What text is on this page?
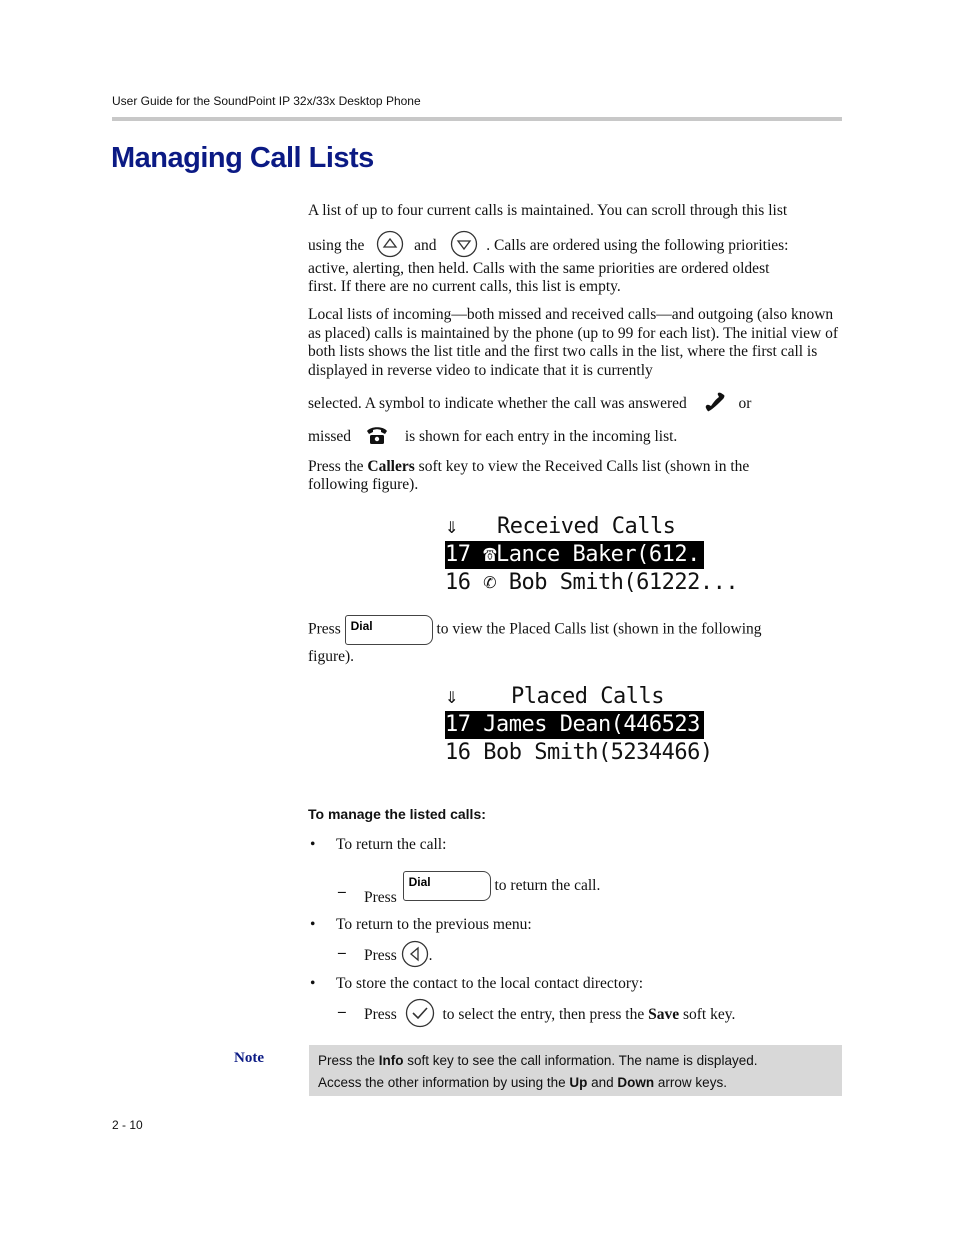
User Guide for the SoundPoint IP 32x/33x Desktop Phone
Managing Call Lists
A list of up to four current calls is maintained. You can scroll through this list
using the	and	. Calls are ordered using the following priorities:
active, alerting, then held. Calls with the same priorities are ordered oldest
first. If there are no current calls, this list is empty.
Local lists of incoming—both missed and received calls—and outgoing (also known as placed) calls is maintained by the phone (up to 99 for each list). The initial view of both lists shows the list title and the first two calls in the list, where the first call is displayed in reverse video to indicate that it is currently
selected. A symbol to indicate whether the call was answered	or
missed	is shown for each entry in the incoming list.
Press the Callers soft key to view the Received Calls list (shown in the
following figure).
⇓ Received Calls
17 ☎Lance Baker(612...
16 ✆ Bob Smith(61222...
Press Dial	to view the Placed Calls list (shown in the following
figure).
⇓ Placed Calls
17 James Dean(446523...
16 Bob Smith(5234466)
To manage the listed calls:
• To return the call:
– Press
Dial	to return the call.
• To return to the previous menu:
– Press .
• To store the contact to the local contact directory:
– Press	to select the entry, then press the Save soft key.
Note	Press the Info soft key to see the call information. The name is displayed.
Access the other information by using the Up and Down arrow keys.
2 - 10
